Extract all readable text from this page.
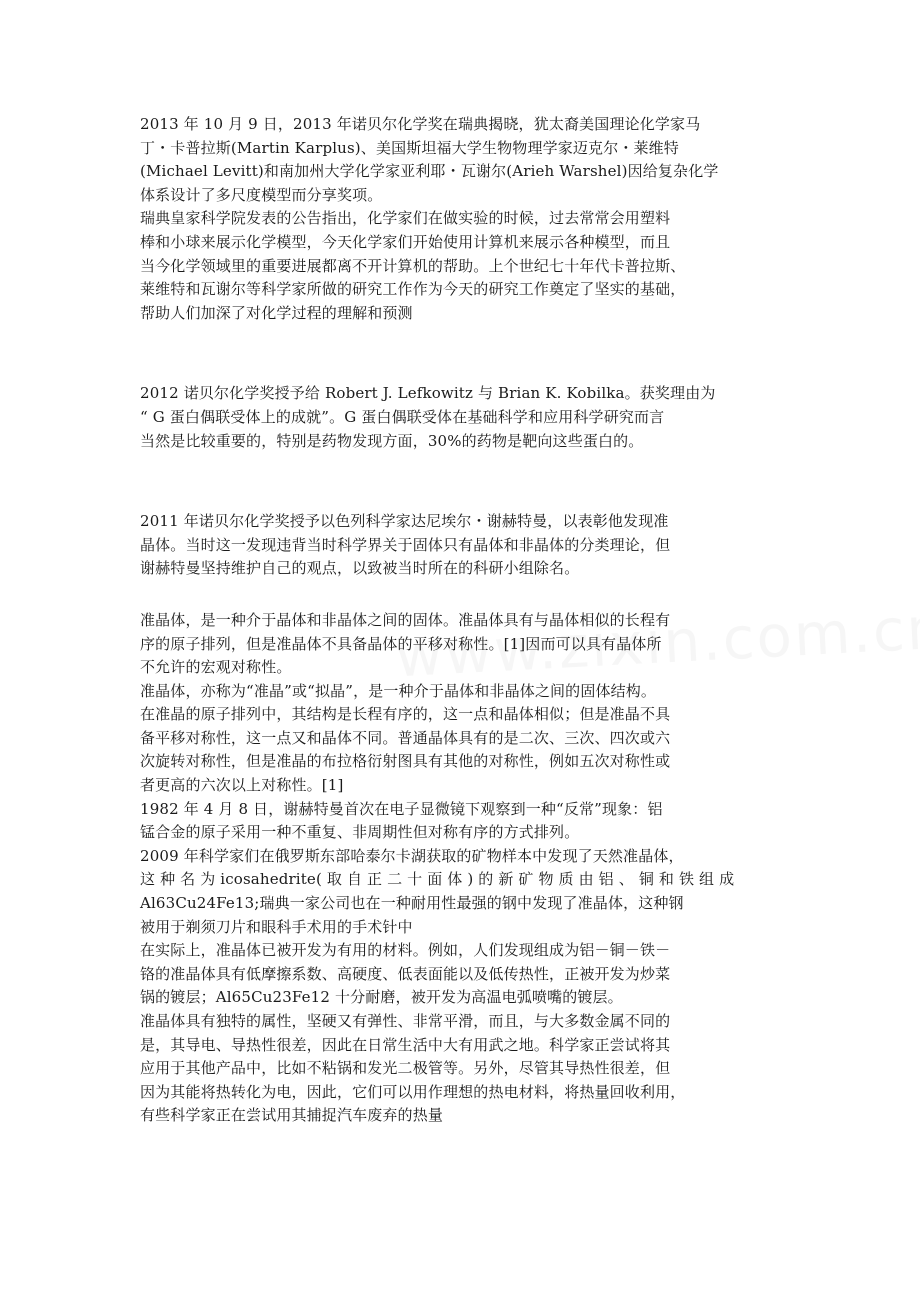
2013 年 10 月 9 日，2013 年诺贝尔化学奖在瑞典揭晓，犹太裔美国理论化学家马
丁・卡普拉斯(Martin Karplus)、美国斯坦福大学生物物理学家迈克尔・莱维特
(Michael Levitt)和南加州大学化学家亚利耶・瓦谢尔(Arieh Warshel)因给复杂化学
体系设计了多尺度模型而分享奖项。
瑞典皇家科学院发表的公告指出，化学家们在做实验的时候，过去常常会用塑料
棒和小球来展示化学模型，今天化学家们开始使用计算机来展示各种模型，而且
当今化学领域里的重要进展都离不开计算机的帮助。上个世纪七十年代卡普拉斯、
莱维特和瓦谢尔等科学家所做的研究工作作为今天的研究工作奠定了坚实的基础，
帮助人们加深了对化学过程的理解和预测
2012 诺贝尔化学奖授予给 Robert J. Lefkowitz 与 Brian K. Kobilka。获奖理由为
“ G 蛋白偶联受体上的成就”。G 蛋白偶联受体在基础科学和应用科学研究而言
当然是比较重要的，特别是药物发现方面，30%的药物是靶向这些蛋白的。
2011 年诺贝尔化学奖授予以色列科学家达尼埃尔・谢赫特曼，以表彰他发现准
晶体。当时这一发现违背当时科学界关于固体只有晶体和非晶体的分类理论，但
谢赫特曼坚持维护自己的观点，以致被当时所在的科研小组除名。
准晶体，是一种介于晶体和非晶体之间的固体。准晶体具有与晶体相似的长程有
序的原子排列，但是准晶体不具备晶体的平移对称性。[1]因而可以具有晶体所
不允许的宏观对称性。
准晶体，亦称为“准晶”或“拟晶”，是一种介于晶体和非晶体之间的固体结构。
在准晶的原子排列中，其结构是长程有序的，这一点和晶体相似；但是准晶不具
备平移对称性，这一点又和晶体不同。普通晶体具有的是二次、三次、四次或六
次旋转对称性，但是准晶的布拉格衍射图具有其他的对称性，例如五次对称性或
者更高的六次以上对称性。[1]
1982 年 4 月 8 日，谢赫特曼首次在电子显微镜下观察到一种“反常”现象：铝
锰合金的原子采用一种不重复、非周期性但对称有序的方式排列。
2009 年科学家们在俄罗斯东部哈泰尔卡湖获取的矿物样本中发现了天然准晶体，
这 种 名 为 icosahedrite( 取 自 正 二 十 面 体 ) 的 新 矿 物 质 由 铝 、 铜 和 铁 组 成
Al63Cu24Fe13;瑞典一家公司也在一种耐用性最强的钢中发现了准晶体，这种钢
被用于剃须刀片和眼科手术用的手术针中
在实际上，准晶体已被开发为有用的材料。例如，人们发现组成为铝－铜－铁－
铬的准晶体具有低摩擦系数、高硬度、低表面能以及低传热性，正被开发为炒菜
锅的镀层；Al65Cu23Fe12 十分耐磨，被开发为高温电弧喷嘴的镀层。
准晶体具有独特的属性，坚硬又有弹性、非常平滑，而且，与大多数金属不同的
是，其导电、导热性很差，因此在日常生活中大有用武之地。科学家正尝试将其
应用于其他产品中，比如不粘锅和发光二极管等。另外，尽管其导热性很差，但
因为其能将热转化为电，因此，它们可以用作理想的热电材料，将热量回收利用，
有些科学家正在尝试用其捕捉汽车废弃的热量
